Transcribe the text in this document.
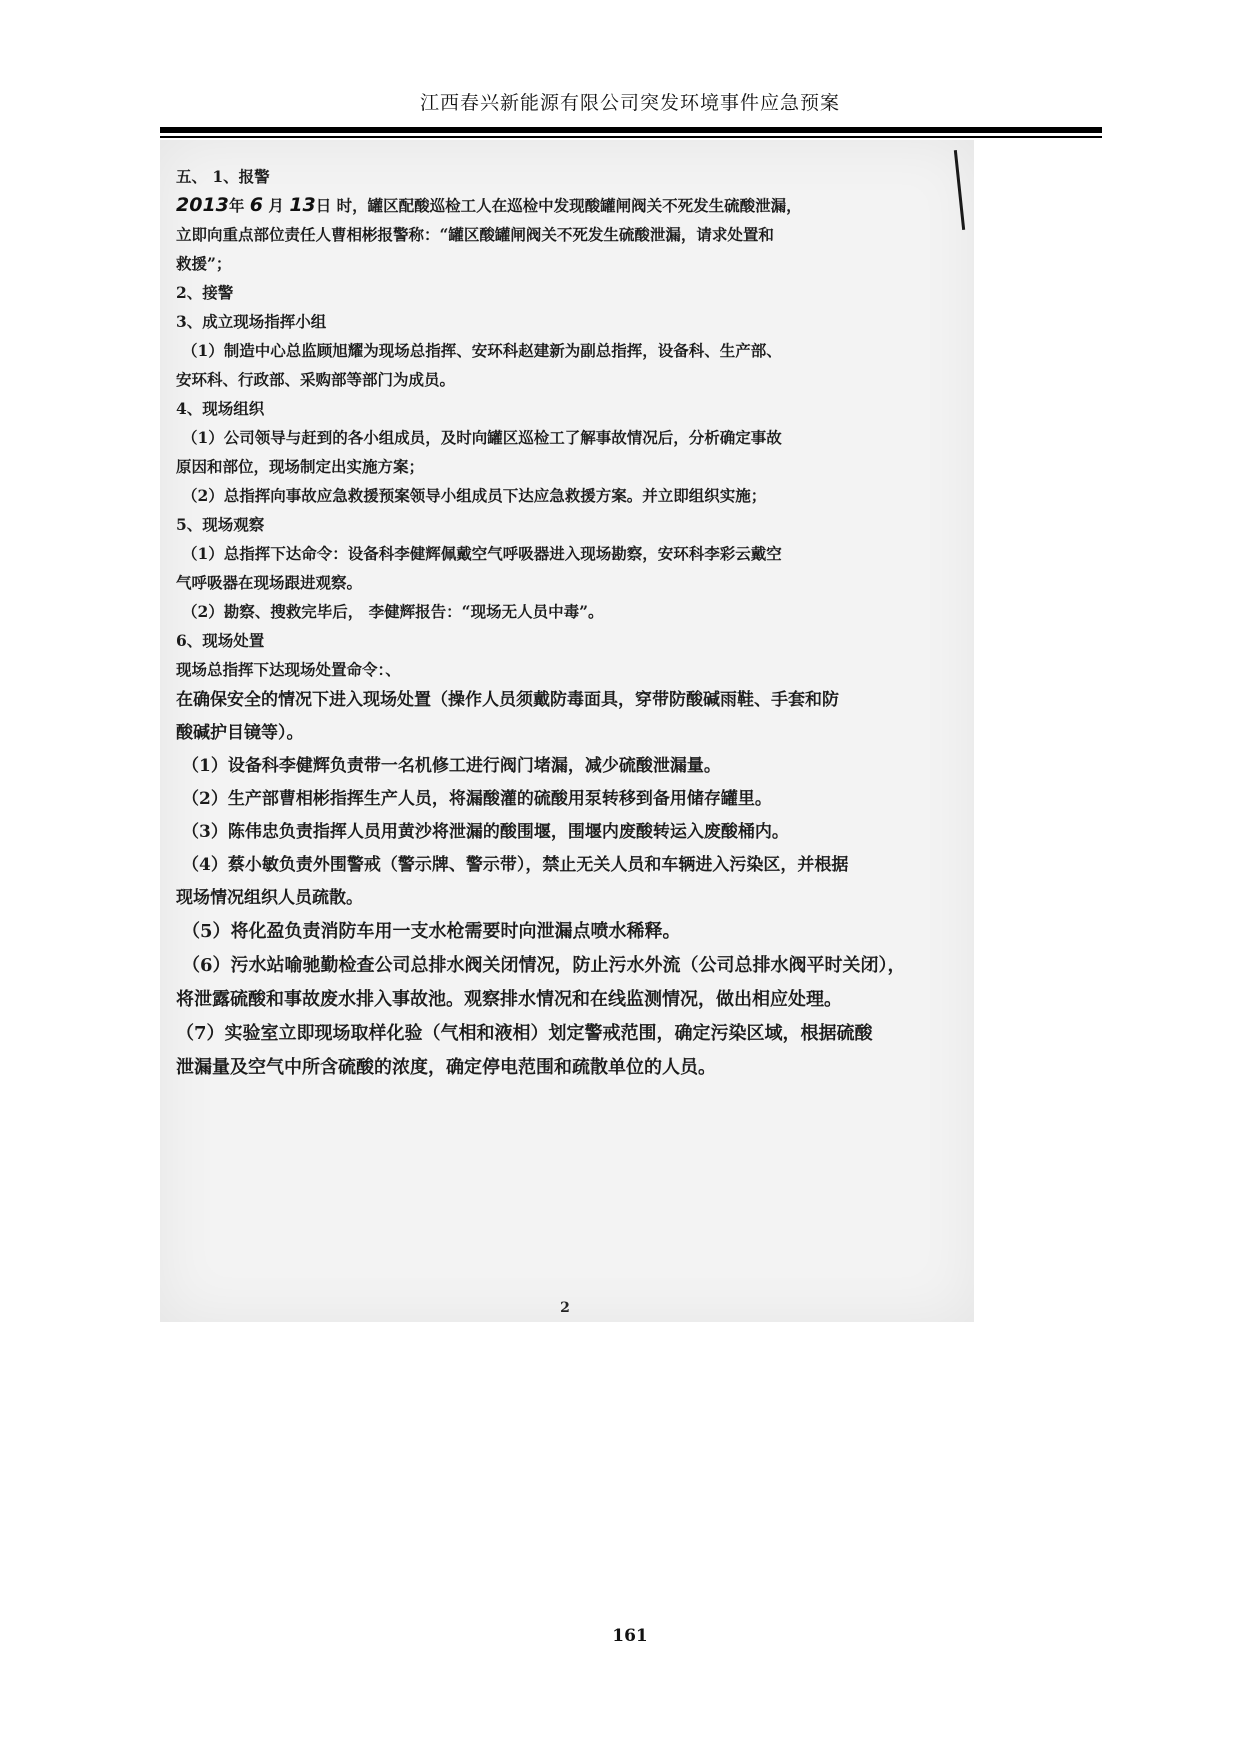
江西春兴新能源有限公司突发环境事件应急预案
五、 1、报警
2013年 6 月 13日 时，罐区配酸巡检工人在巡检中发现酸罐闸阀关不死发生硫酸泄漏，
立即向重点部位责任人曹相彬报警称：“罐区酸罐闸阀关不死发生硫酸泄漏，请求处置和
救援”；
2、接警
3、成立现场指挥小组
（1）制造中心总监顾旭耀为现场总指挥、安环科赵建新为副总指挥，设备科、生产部、
安环科、行政部、采购部等部门为成员。
4、现场组织
（1）公司领导与赶到的各小组成员，及时向罐区巡检工了解事故情况后，分析确定事故
原因和部位，现场制定出实施方案；
（2）总指挥向事故应急救援预案领导小组成员下达应急救援方案。并立即组织实施；
5、现场观察
（1）总指挥下达命令：设备科李健辉佩戴空气呼吸器进入现场勘察，安环科李彩云戴空
气呼吸器在现场跟进观察。
（2）勘察、搜救完毕后， 李健辉报告：“现场无人员中毒”。
6、现场处置
现场总指挥下达现场处置命令：、
在确保安全的情况下进入现场处置（操作人员须戴防毒面具，穿带防酸碱雨鞋、手套和防
酸碱护目镜等）。
（1）设备科李健辉负责带一名机修工进行阀门堵漏，减少硫酸泄漏量。
（2）生产部曹相彬指挥生产人员，将漏酸灌的硫酸用泵转移到备用储存罐里。
（3）陈伟忠负责指挥人员用黄沙将泄漏的酸围堰，围堰内废酸转运入废酸桶内。
（4）蔡小敏负责外围警戒（警示牌、警示带），禁止无关人员和车辆进入污染区，并根据
现场情况组织人员疏散。
（5）将化盈负责消防车用一支水枪需要时向泄漏点喷水稀释。
（6）污水站喻驰勤检查公司总排水阀关闭情况，防止污水外流（公司总排水阀平时关闭），
将泄露硫酸和事故废水排入事故池。观察排水情况和在线监测情况，做出相应处理。
（7）实验室立即现场取样化验（气相和液相）划定警戒范围，确定污染区域，根据硫酸
泄漏量及空气中所含硫酸的浓度，确定停电范围和疏散单位的人员。
2
161
